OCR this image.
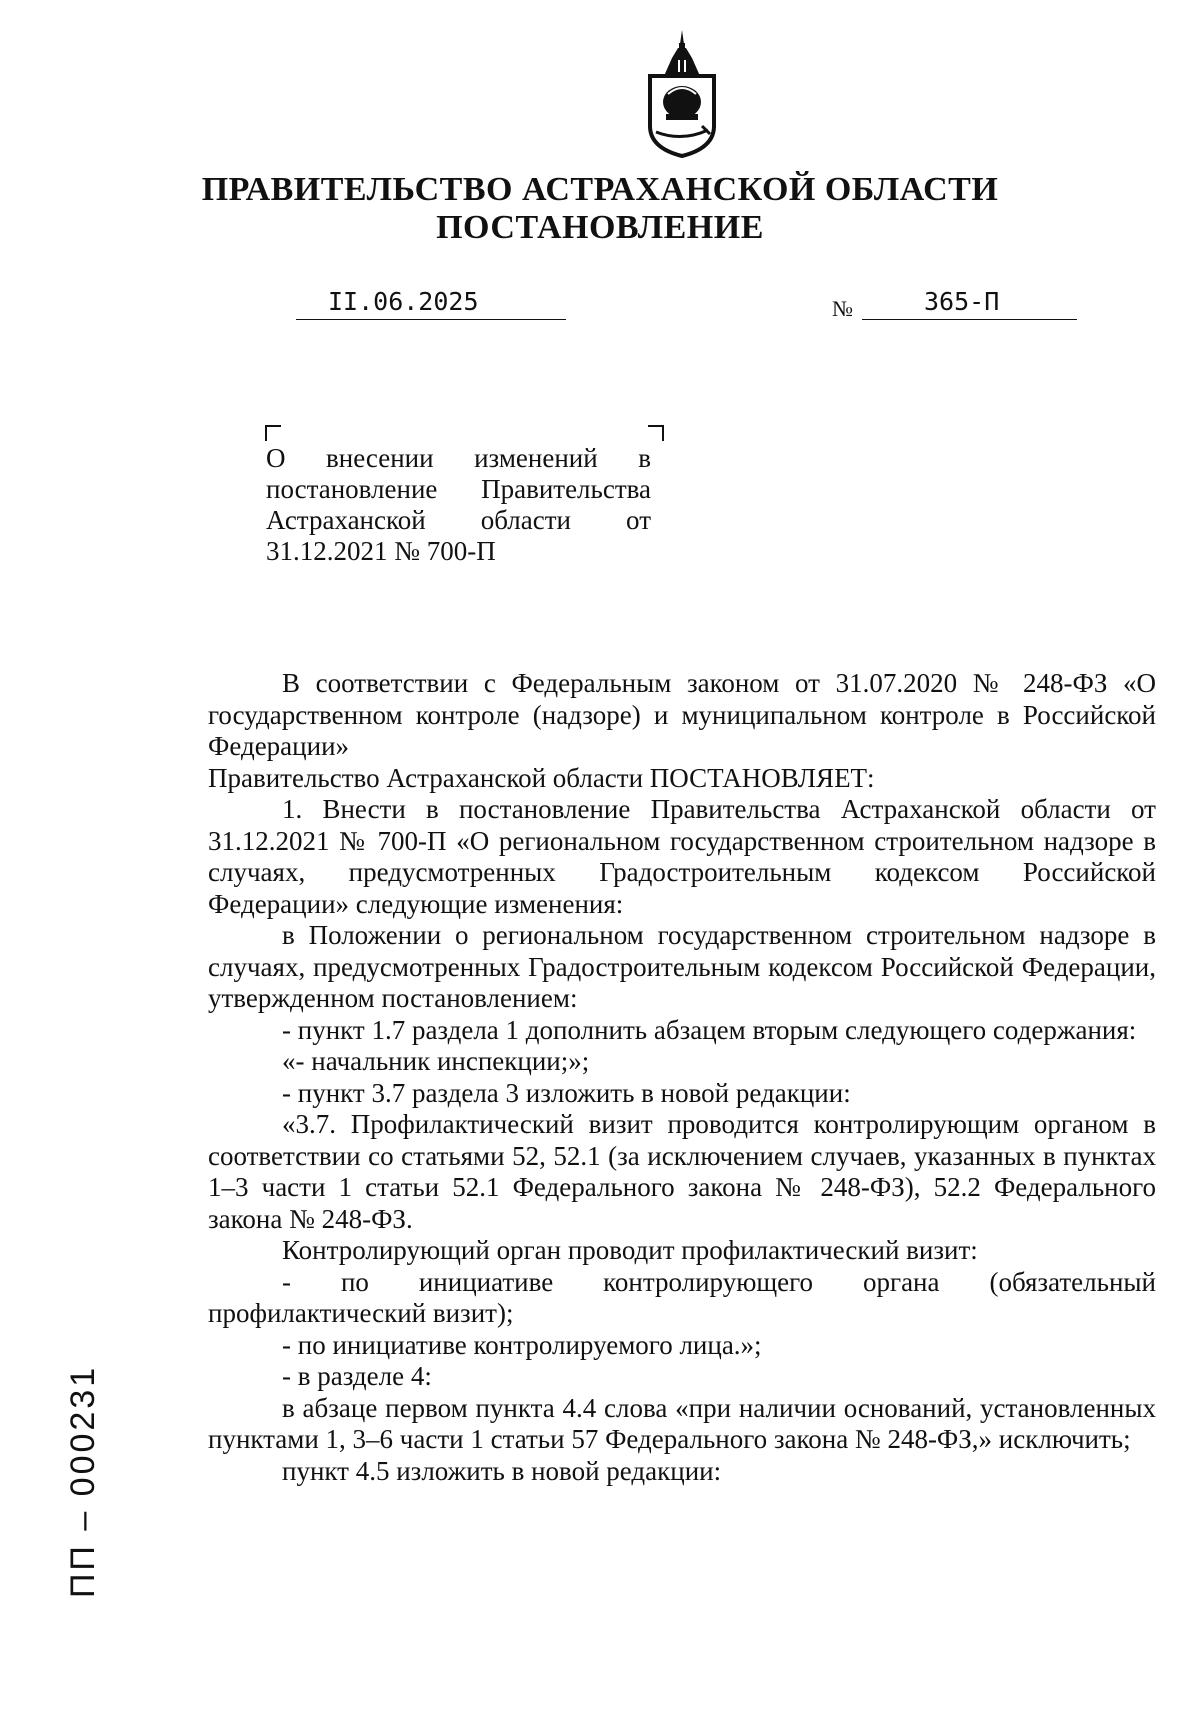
ПРАВИТЕЛЬСТВО АСТРАХАНСКОЙ ОБЛАСТИ
ПОСТАНОВЛЕНИЕ
II.06.2025	№	365-П

О внесении изменений в постановление Правительства Астраханской области от 31.12.2021 № 700-П

В соответствии с Федеральным законом от 31.07.2020 № 248-ФЗ «О государственном контроле (надзоре) и муниципальном контроле в Российской Федерации»

Правительство Астраханской области ПОСТАНОВЛЯЕТ:

1. Внести в постановление Правительства Астраханской области от 31.12.2021 № 700-П «О региональном государственном строительном надзоре в случаях, предусмотренных Градостроительным кодексом Российской Федерации» следующие изменения:

в Положении о региональном государственном строительном надзоре в случаях, предусмотренных Градостроительным кодексом Российской Федерации, утвержденном постановлением:

- пункт 1.7 раздела 1 дополнить абзацем вторым следующего содержания:

«- начальник инспекции;»;

- пункт 3.7 раздела 3 изложить в новой редакции:

«3.7. Профилактический визит проводится контролирующим органом в соответствии со статьями 52, 52.1 (за исключением случаев, указанных в пунктах 1–3 части 1 статьи 52.1 Федерального закона № 248-ФЗ), 52.2 Федерального закона № 248-ФЗ.

Контролирующий орган проводит профилактический визит:

- по инициативе контролирующего органа (обязательный профилактический визит);

- по инициативе контролируемого лица.»;

- в разделе 4:

в абзаце первом пункта 4.4 слова «при наличии оснований, установленных пунктами 1, 3–6 части 1 статьи 57 Федерального закона № 248-ФЗ,» исключить;

пункт 4.5 изложить в новой редакции:

ПП – 000231
